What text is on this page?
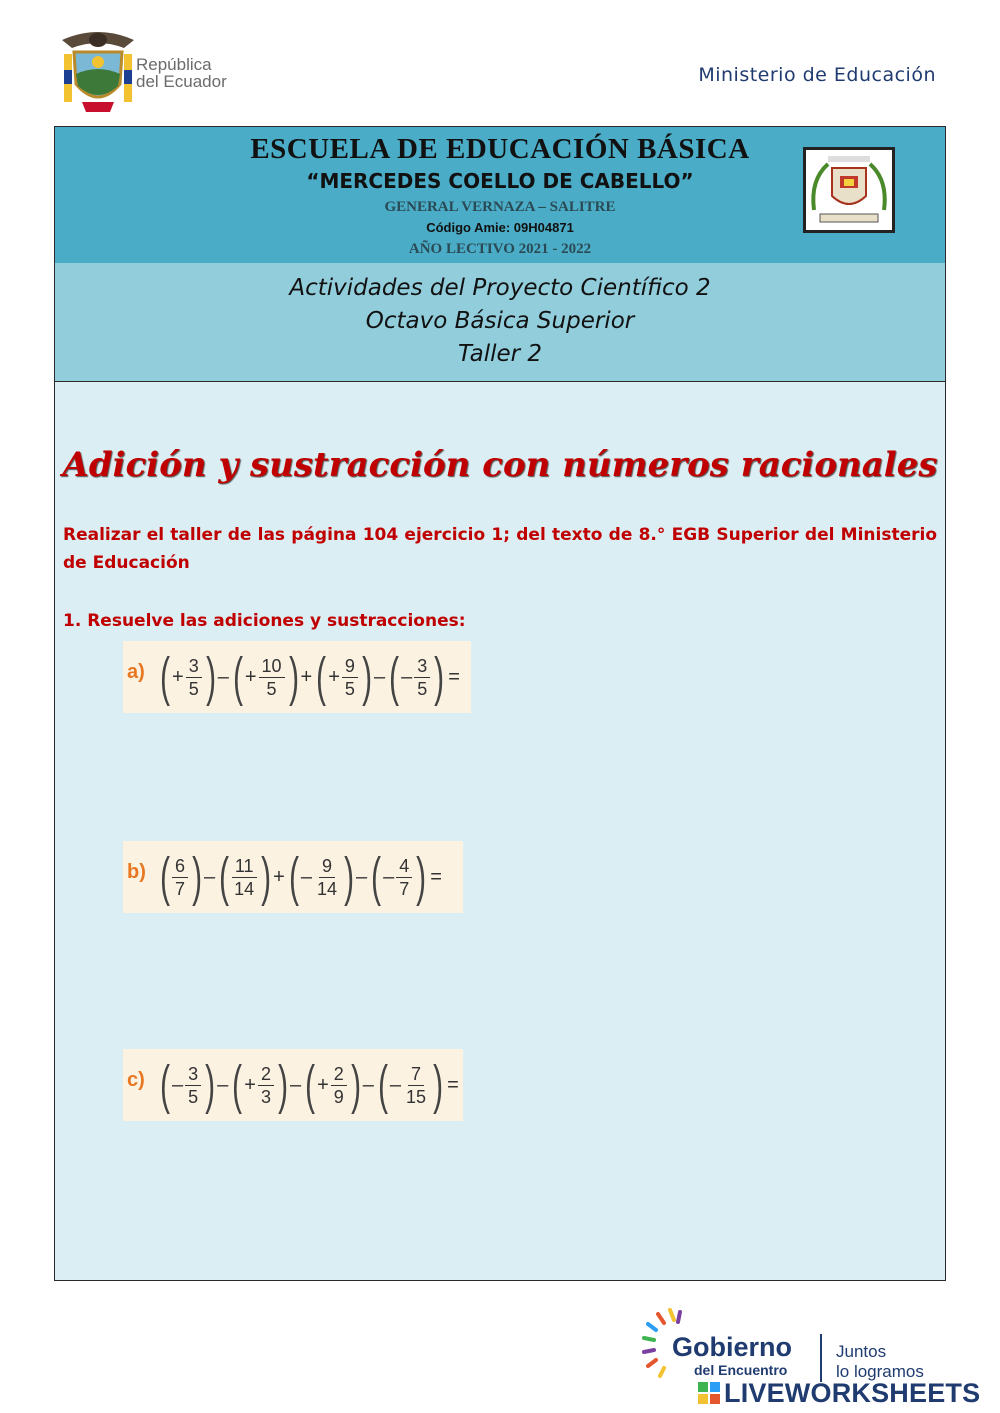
República
del Ecuador	Ministerio de Educación
ESCUELA DE EDUCACIÓN BÁSICA
“MERCEDES COELLO DE CABELLO”
GENERAL VERNAZA – SALITRE
Código Amie: 09H04871
AÑO LECTIVO 2021 - 2022
Actividades del Proyecto Científico 2
Octavo Básica Superior
Taller 2
Adición y sustracción con números racionales
Realizar el taller de las página 104 ejercicio 1; del texto de 8.° EGB Superior del Ministerio de Educación
1. Resuelve las adiciones y sustracciones:
a) ( + $\frac{3}{5}$ ) – ( + $\frac{10}{5}$ ) + ( + $\frac{9}{5}$ ) – ( – $\frac{3}{5}$ ) =
b) ( $\frac{6}{7}$ ) – ( $\frac{11}{14}$ ) + ( – $\frac{9}{14}$ ) – ( – $\frac{4}{7}$ ) =
c) ( – $\frac{3}{5}$ ) – ( + $\frac{2}{3}$ ) – ( + $\frac{2}{9}$ ) – ( – $\frac{7}{15}$ ) =
Gobierno
del Encuentro
Juntos
lo logramos
LIVEWORKSHEETS
